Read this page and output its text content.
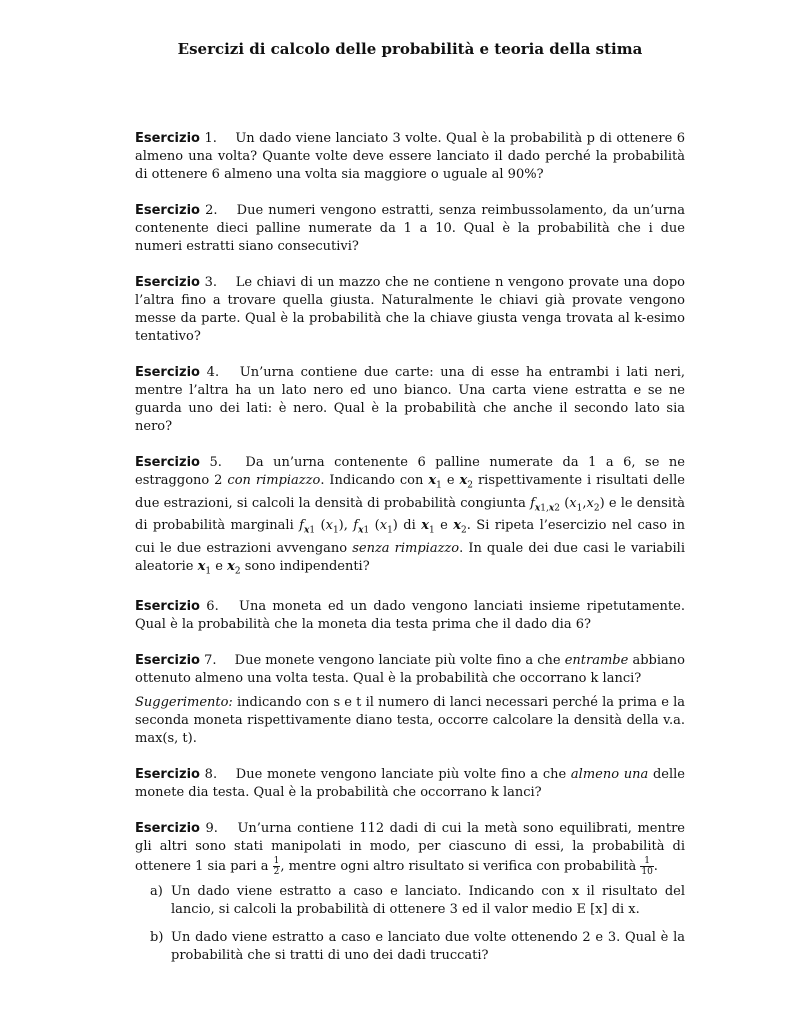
Esercizi di calcolo delle probabilità e teoria della stima

Esercizio 1. Un dado viene lanciato 3 volte. Qual è la probabilità p di ottenere 6 almeno una volta? Quante volte deve essere lanciato il dado perché la probabilità di ottenere 6 almeno una volta sia maggiore o uguale al 90%?

Esercizio 2. Due numeri vengono estratti, senza reimbussolamento, da un’urna contenente dieci palline numerate da 1 a 10. Qual è la probabilità che i due numeri estratti siano consecutivi?

Esercizio 3. Le chiavi di un mazzo che ne contiene n vengono provate una dopo l’altra fino a trovare quella giusta. Naturalmente le chiavi già provate vengono messe da parte. Qual è la probabilità che la chiave giusta venga trovata al k-esimo tentativo?

Esercizio 4. Un’urna contiene due carte: una di esse ha entrambi i lati neri, mentre l’altra ha un lato nero ed uno bianco. Una carta viene estratta e se ne guarda uno dei lati: è nero. Qual è la probabilità che anche il secondo lato sia nero?

Esercizio 5. Da un’urna contenente 6 palline numerate da 1 a 6, se ne estraggono 2 con rimpiazzo. Indicando con $x_1$ e $x_2$ rispettivamente i risultati delle due estrazioni, si calcoli la densità di probabilità congiunta $f_{x1,x2}$ $(x_1,x_2)$ e le densità di probabilità marginali $f_{x1}$ $(x_1)$, $f_{x1}$ $(x_1)$ di $x_1$ e $x_2$. Si ripeta l’esercizio nel caso in cui le due estrazioni avvengano senza rimpiazzo. In quale dei due casi le variabili aleatorie $x_1$ e $x_2$ sono indipendenti?

Esercizio 6. Una moneta ed un dado vengono lanciati insieme ripetutamente. Qual è la probabilità che la moneta dia testa prima che il dado dia 6?

Esercizio 7. Due monete vengono lanciate più volte fino a che entrambe abbiano ottenuto almeno una volta testa. Qual è la probabilità che occorrano k lanci?

Suggerimento: indicando con s e t il numero di lanci necessari perché la prima e la seconda moneta rispettivamente diano testa, occorre calcolare la densità della v.a. max(s, t).

Esercizio 8. Due monete vengono lanciate più volte fino a che almeno una delle monete dia testa. Qual è la probabilità che occorrano k lanci?

Esercizio 9. Un’urna contiene 112 dadi di cui la metà sono equilibrati, mentre gli altri sono stati manipolati in modo, per ciascuno di essi, la probabilità di ottenere 1 sia pari a $\frac{1}{2}$ , mentre ogni altro risultato si verifica con probabilità $\frac{1}{10}$ .

a) Un dado viene estratto a caso e lanciato. Indicando con x il risultato del lancio, si calcoli la probabilità di ottenere 3 ed il valor medio E [x] di x.
b) Un dado viene estratto a caso e lanciato due volte ottenendo 2 e 3. Qual è la probabilità che si tratti di uno dei dadi truccati?
